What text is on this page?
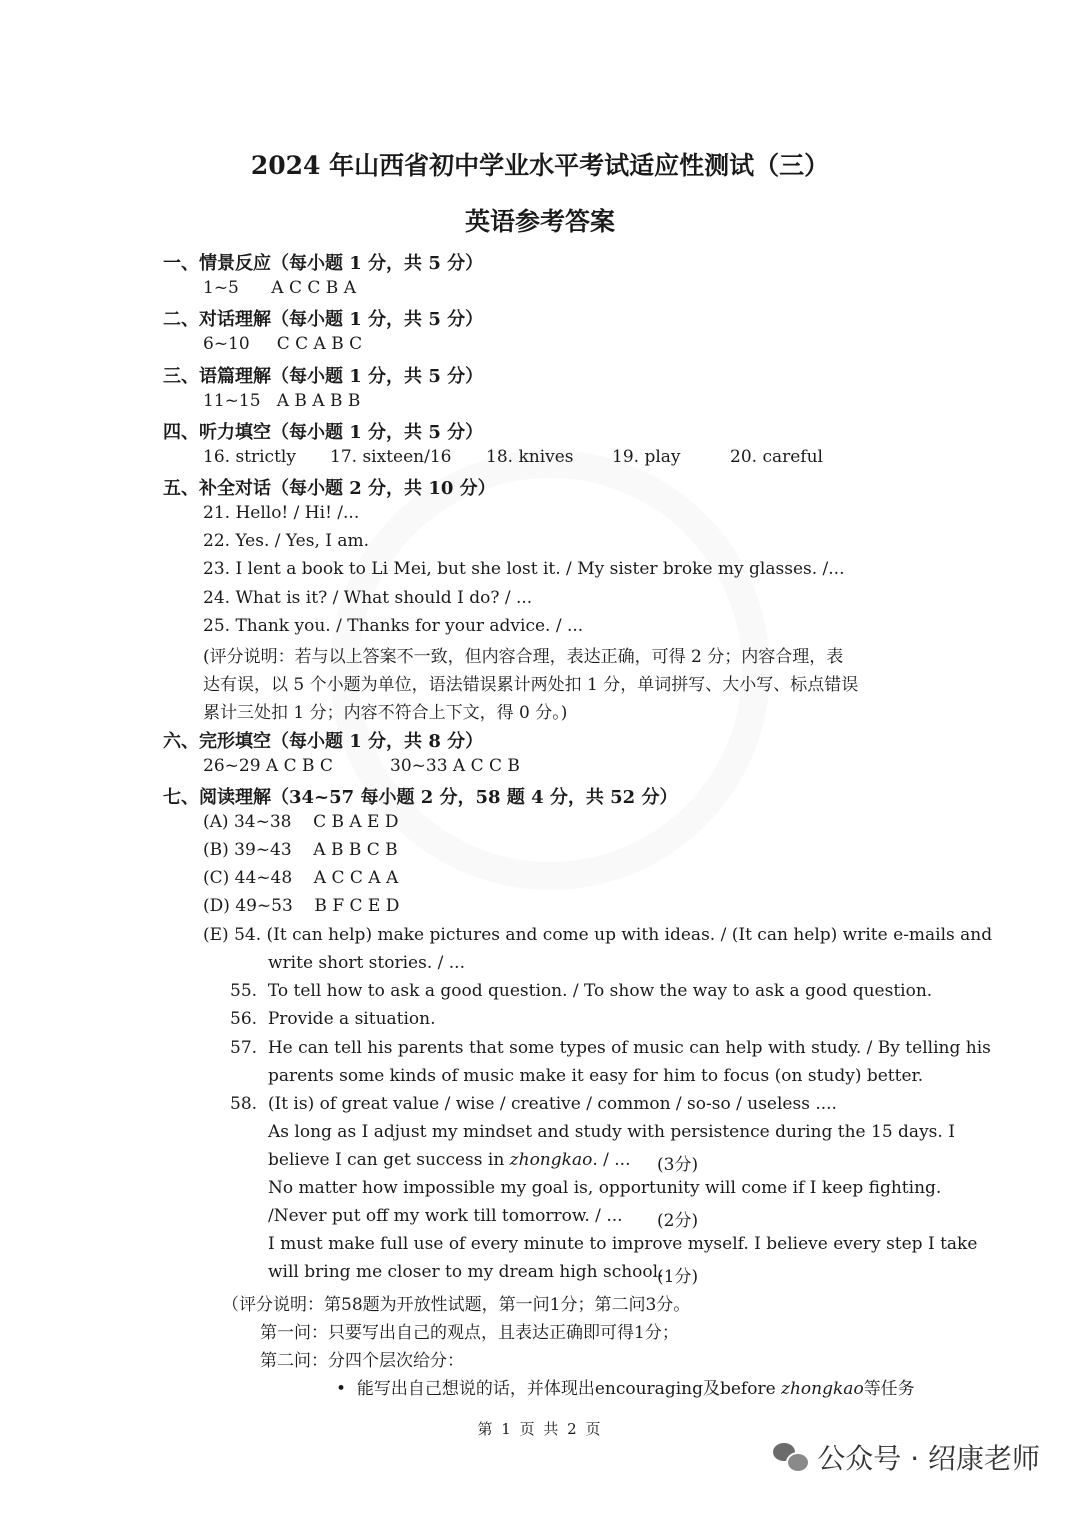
2024 年山西省初中学业水平考试适应性测试（三）
英语参考答案
一、情景反应（每小题 1 分，共 5 分）
1~5      A C C B A
二、对话理解（每小题 1 分，共 5 分）
6~10     C C A B C
三、语篇理解（每小题 1 分，共 5 分）
11~15   A B A B B
四、听力填空（每小题 1 分，共 5 分）
16. strictly 17. sixteen/16 18. knives 19. play	20. careful
五、补全对话（每小题 2 分，共 10 分）
21. Hello! / Hi! /...
22. Yes. / Yes, I am.
23. I lent a book to Li Mei, but she lost it. / My sister broke my glasses. /...
24. What is it? / What should I do? / ...
25. Thank you. / Thanks for your advice. / ...
(评分说明：若与以上答案不一致，但内容合理，表达正确，可得 2 分；内容合理，表
达有误，以 5 个小题为单位，语法错误累计两处扣 1 分，单词拼写、大小写、标点错误
累计三处扣 1 分；内容不符合上下文，得 0 分。)
六、完形填空（每小题 1 分，共 8 分）
26~29 A C B C	30~33 A C C B
七、阅读理解（34~57 每小题 2 分，58 题 4 分，共 52 分）
(A) 34~38    C B A E D
(B) 39~43    A B B C B
(C) 44~48    A C C A A
(D) 49~53    B F C E D
(E) 54. (It can help) make pictures and come up with ideas. / (It can help) write e-mails and
write short stories. / ...
55.  To tell how to ask a good question. / To show the way to ask a good question.
56.  Provide a situation.
57.  He can tell his parents that some types of music can help with study. / By telling his
parents some kinds of music make it easy for him to focus (on study) better.
58.  (It is) of great value / wise / creative / common / so-so / useless ....
As long as I adjust my mindset and study with persistence during the 15 days. I
believe I can get success in zhongkao. / ... (3分)
No matter how impossible my goal is, opportunity will come if I keep fighting.
/Never put off my work till tomorrow. / ... (2分)
I must make full use of every minute to improve myself. I believe every step I take
will bring me closer to my dream high school.
(1分)
（评分说明：第58题为开放性试题，第一问1分；第二问3分。
第一问：只要写出自己的观点，且表达正确即可得1分；
第二问：分四个层次给分：
•  能写出自己想说的话，并体现出encouraging及before zhongkao等任务
第 1 页 共 2 页
公众号 · 绍康老师
